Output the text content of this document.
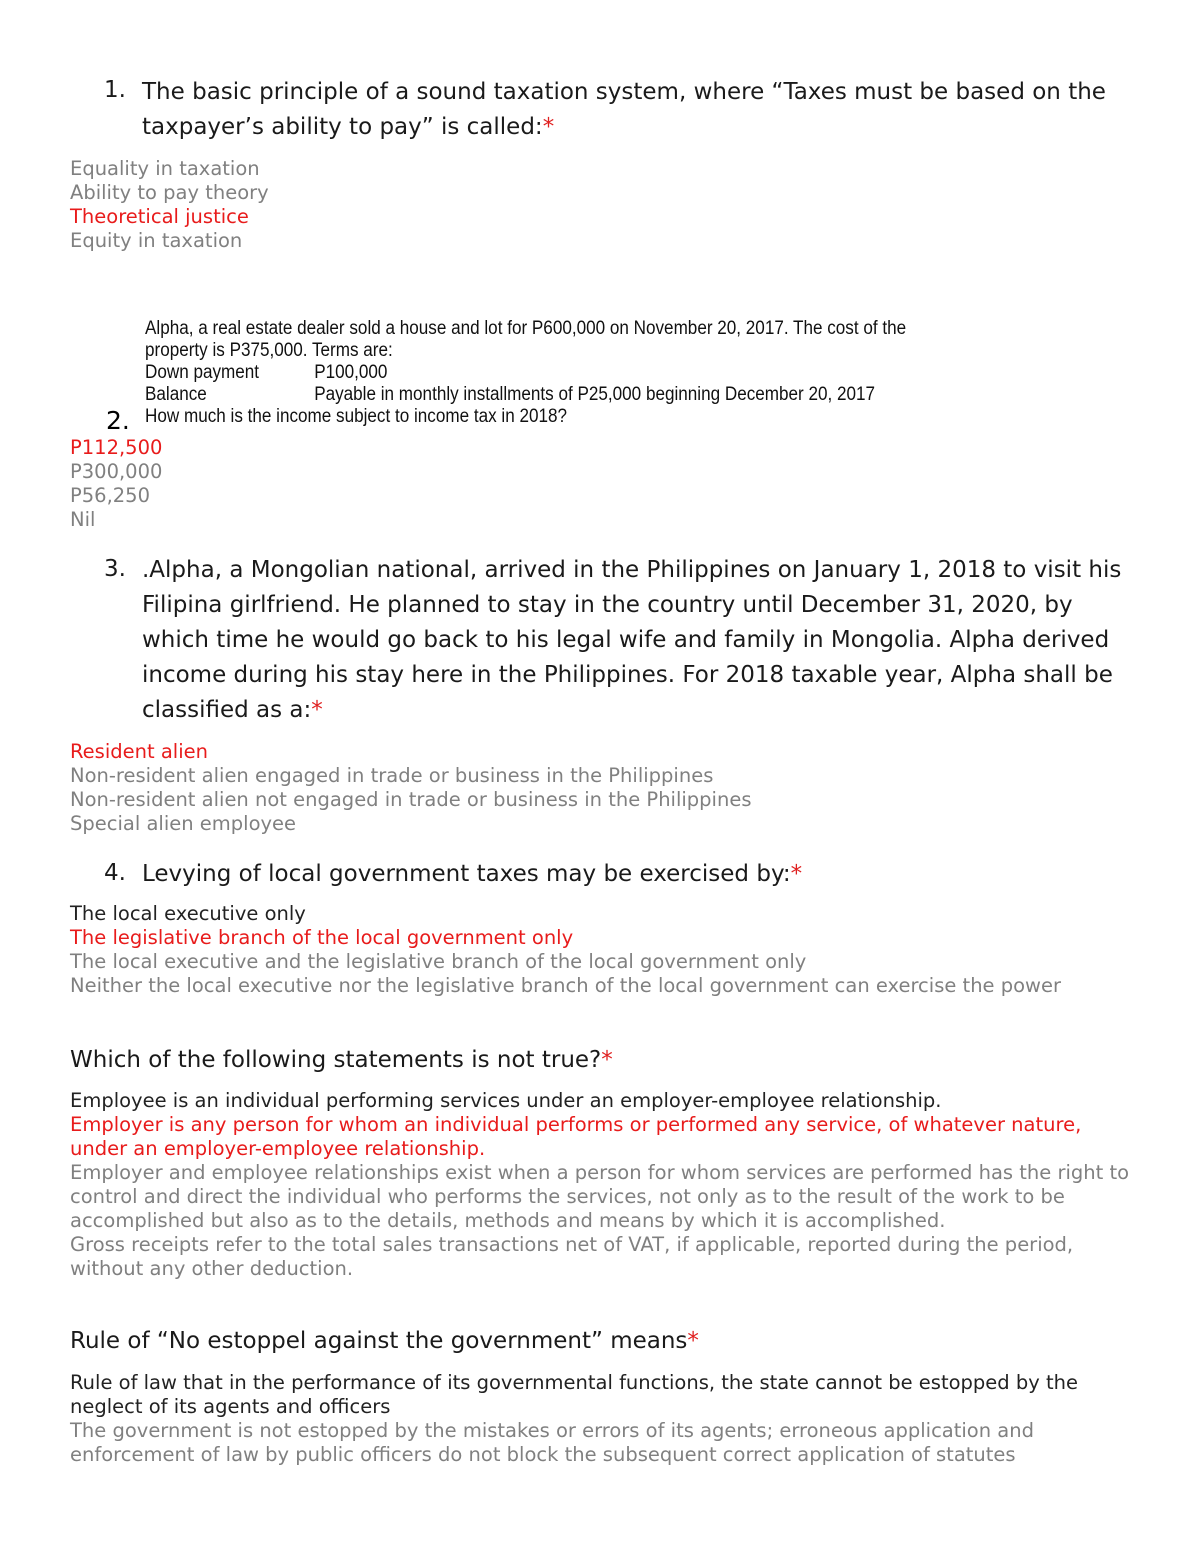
1. The basic principle of a sound taxation system, where “Taxes must be based on the taxpayer’s ability to pay” is called:*
Equality in taxation
Ability to pay theory
Theoretical justice
Equity in taxation
Alpha, a real estate dealer sold a house and lot for P600,000 on November 20, 2017. The cost of the
property is P375,000. Terms are:
Down payment	P100,000
Balance	Payable in monthly installments of P25,000 beginning December 20, 2017
How much is the income subject to income tax in 2018?
2.
P112,500
P300,000
P56,250
Nil
3. .Alpha, a Mongolian national, arrived in the Philippines on January 1, 2018 to visit his Filipina girlfriend. He planned to stay in the country until December 31, 2020, by which time he would go back to his legal wife and family in Mongolia. Alpha derived income during his stay here in the Philippines. For 2018 taxable year, Alpha shall be classified as a:*
Resident alien
Non-resident alien engaged in trade or business in the Philippines
Non-resident alien not engaged in trade or business in the Philippines
Special alien employee
4. Levying of local government taxes may be exercised by:*
The local executive only
The legislative branch of the local government only
The local executive and the legislative branch of the local government only
Neither the local executive nor the legislative branch of the local government can exercise the power
Which of the following statements is not true?*
Employee is an individual performing services under an employer-employee relationship.
Employer is any person for whom an individual performs or performed any service, of whatever nature, under an employer-employee relationship.
Employer and employee relationships exist when a person for whom services are performed has the right to control and direct the individual who performs the services, not only as to the result of the work to be accomplished but also as to the details, methods and means by which it is accomplished.
Gross receipts refer to the total sales transactions net of VAT, if applicable, reported during the period, without any other deduction.
Rule of “No estoppel against the government” means*
Rule of law that in the performance of its governmental functions, the state cannot be estopped by the neglect of its agents and officers
The government is not estopped by the mistakes or errors of its agents; erroneous application and enforcement of law by public officers do not block the subsequent correct application of statutes
